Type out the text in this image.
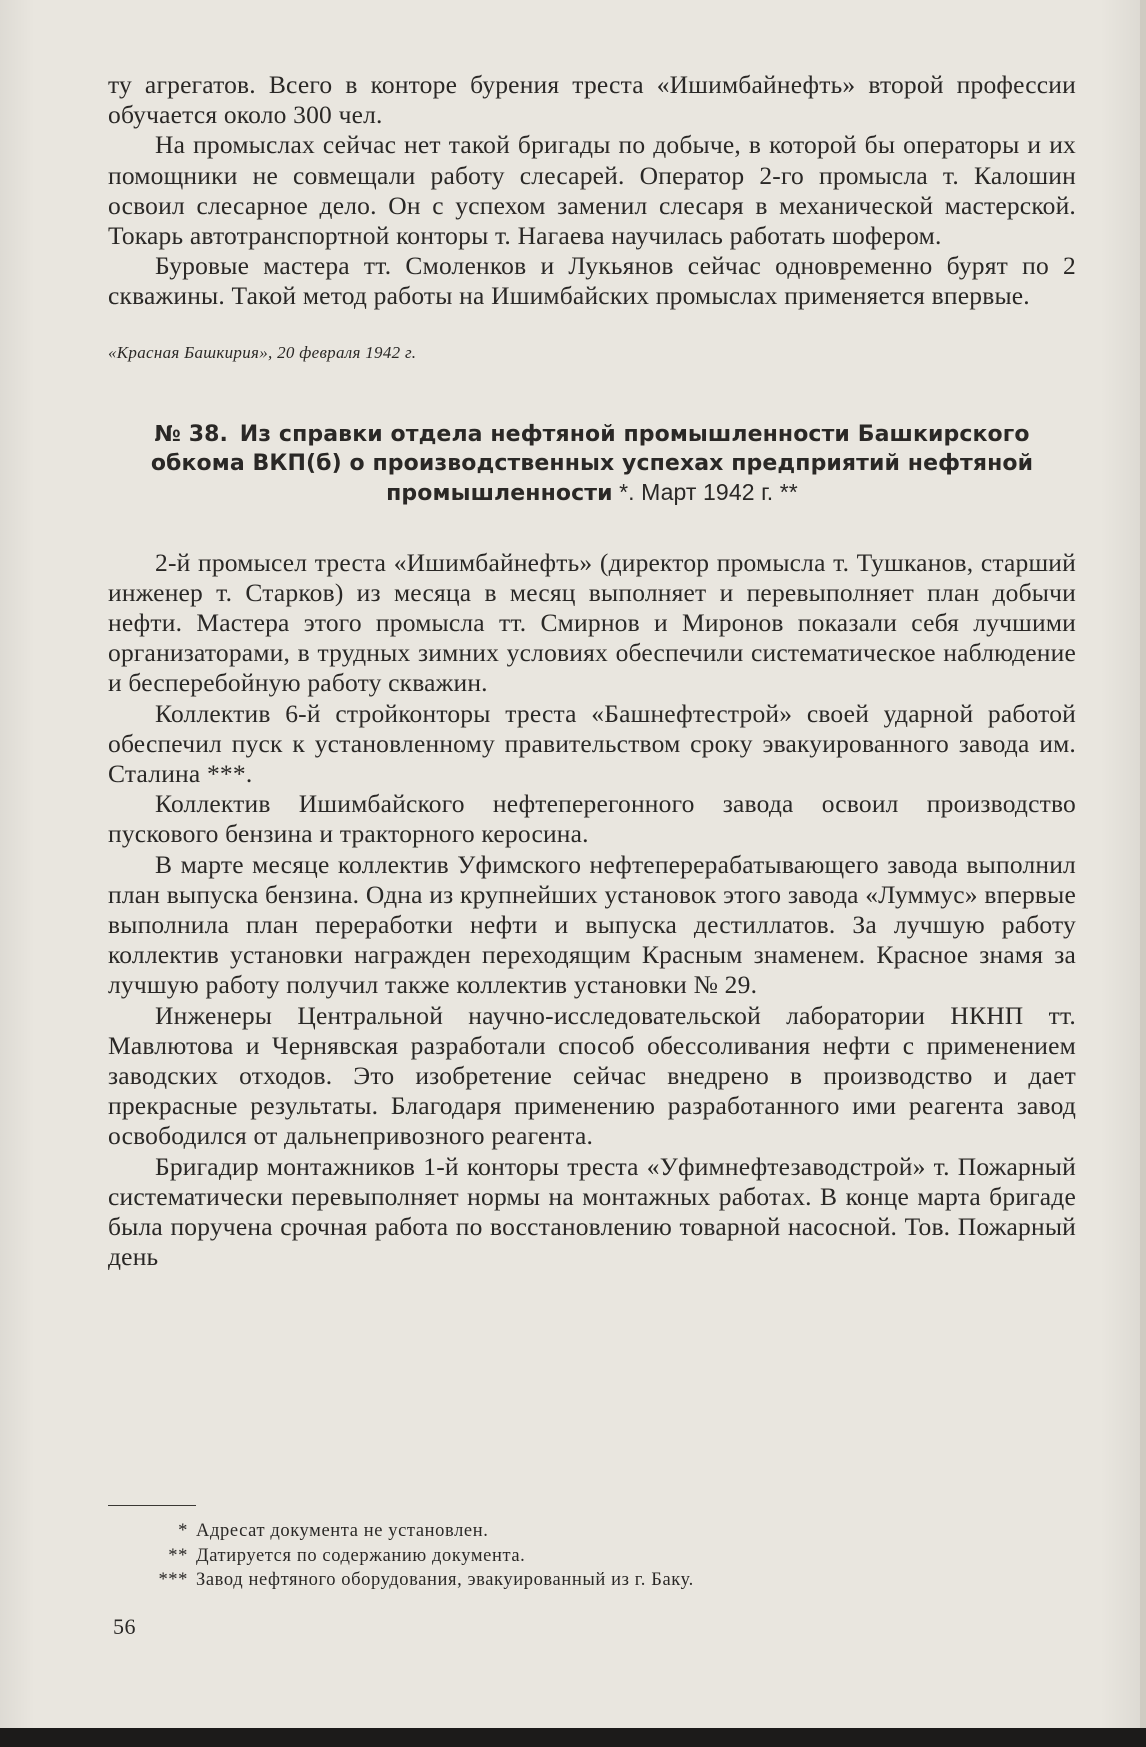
ту агрегатов. Всего в конторе бурения треста «Ишимбайнефть» второй профессии обучается около 300 чел.

На промыслах сейчас нет такой бригады по добыче, в которой бы операторы и их помощники не совмещали работу слесарей. Оператор 2-го промысла т. Калошин освоил слесарное дело. Он с успехом заменил слесаря в механической мастерской. Токарь автотранспортной конторы т. Нагаева научилась работать шофером.

Буровые мастера тт. Смоленков и Лукьянов сейчас одновременно бурят по 2 скважины. Такой метод работы на Ишимбайских промыслах применяется впервые.

«Красная Башкирия», 20 февраля 1942 г.
№ 38. Из справки отдела нефтяной промышленности Башкирского обкома ВКП(б) о производственных успехах предприятий нефтяной промышленности *. Март 1942 г. **

2-й промысел треста «Ишимбайнефть» (директор промысла т. Тушканов, старший инженер т. Старков) из месяца в месяц выполняет и перевыполняет план добычи нефти. Мастера этого промысла тт. Смирнов и Миронов показали себя лучшими организаторами, в трудных зимних условиях обеспечили систематическое наблюдение и бесперебойную работу скважин.

Коллектив 6-й стройконторы треста «Башнефтестрой» своей ударной работой обеспечил пуск к установленному правительством сроку эвакуированного завода им. Сталина ***.

Коллектив Ишимбайского нефтеперегонного завода освоил производство пускового бензина и тракторного керосина.

В марте месяце коллектив Уфимского нефтеперерабатывающего завода выполнил план выпуска бензина. Одна из крупнейших установок этого завода «Луммус» впервые выполнила план переработки нефти и выпуска дестиллатов. За лучшую работу коллектив установки награжден переходящим Красным знаменем. Красное знамя за лучшую работу получил также коллектив установки № 29.

Инженеры Центральной научно-исследовательской лаборатории НКНП тт. Мавлютова и Чернявская разработали способ обессоливания нефти с применением заводских отходов. Это изобретение сейчас внедрено в производство и дает прекрасные результаты. Благодаря применению разработанного ими реагента завод освободился от дальнепривозного реагента.

Бригадир монтажников 1-й конторы треста «Уфимнефтезаводстрой» т. Пожарный систематически перевыполняет нормы на монтажных работах. В конце марта бригаде была поручена срочная работа по восстановлению товарной насосной. Тов. Пожарный день

* Адресат документа не установлен.
** Датируется по содержанию документа.
*** Завод нефтяного оборудования, эвакуированный из г. Баку.
56
